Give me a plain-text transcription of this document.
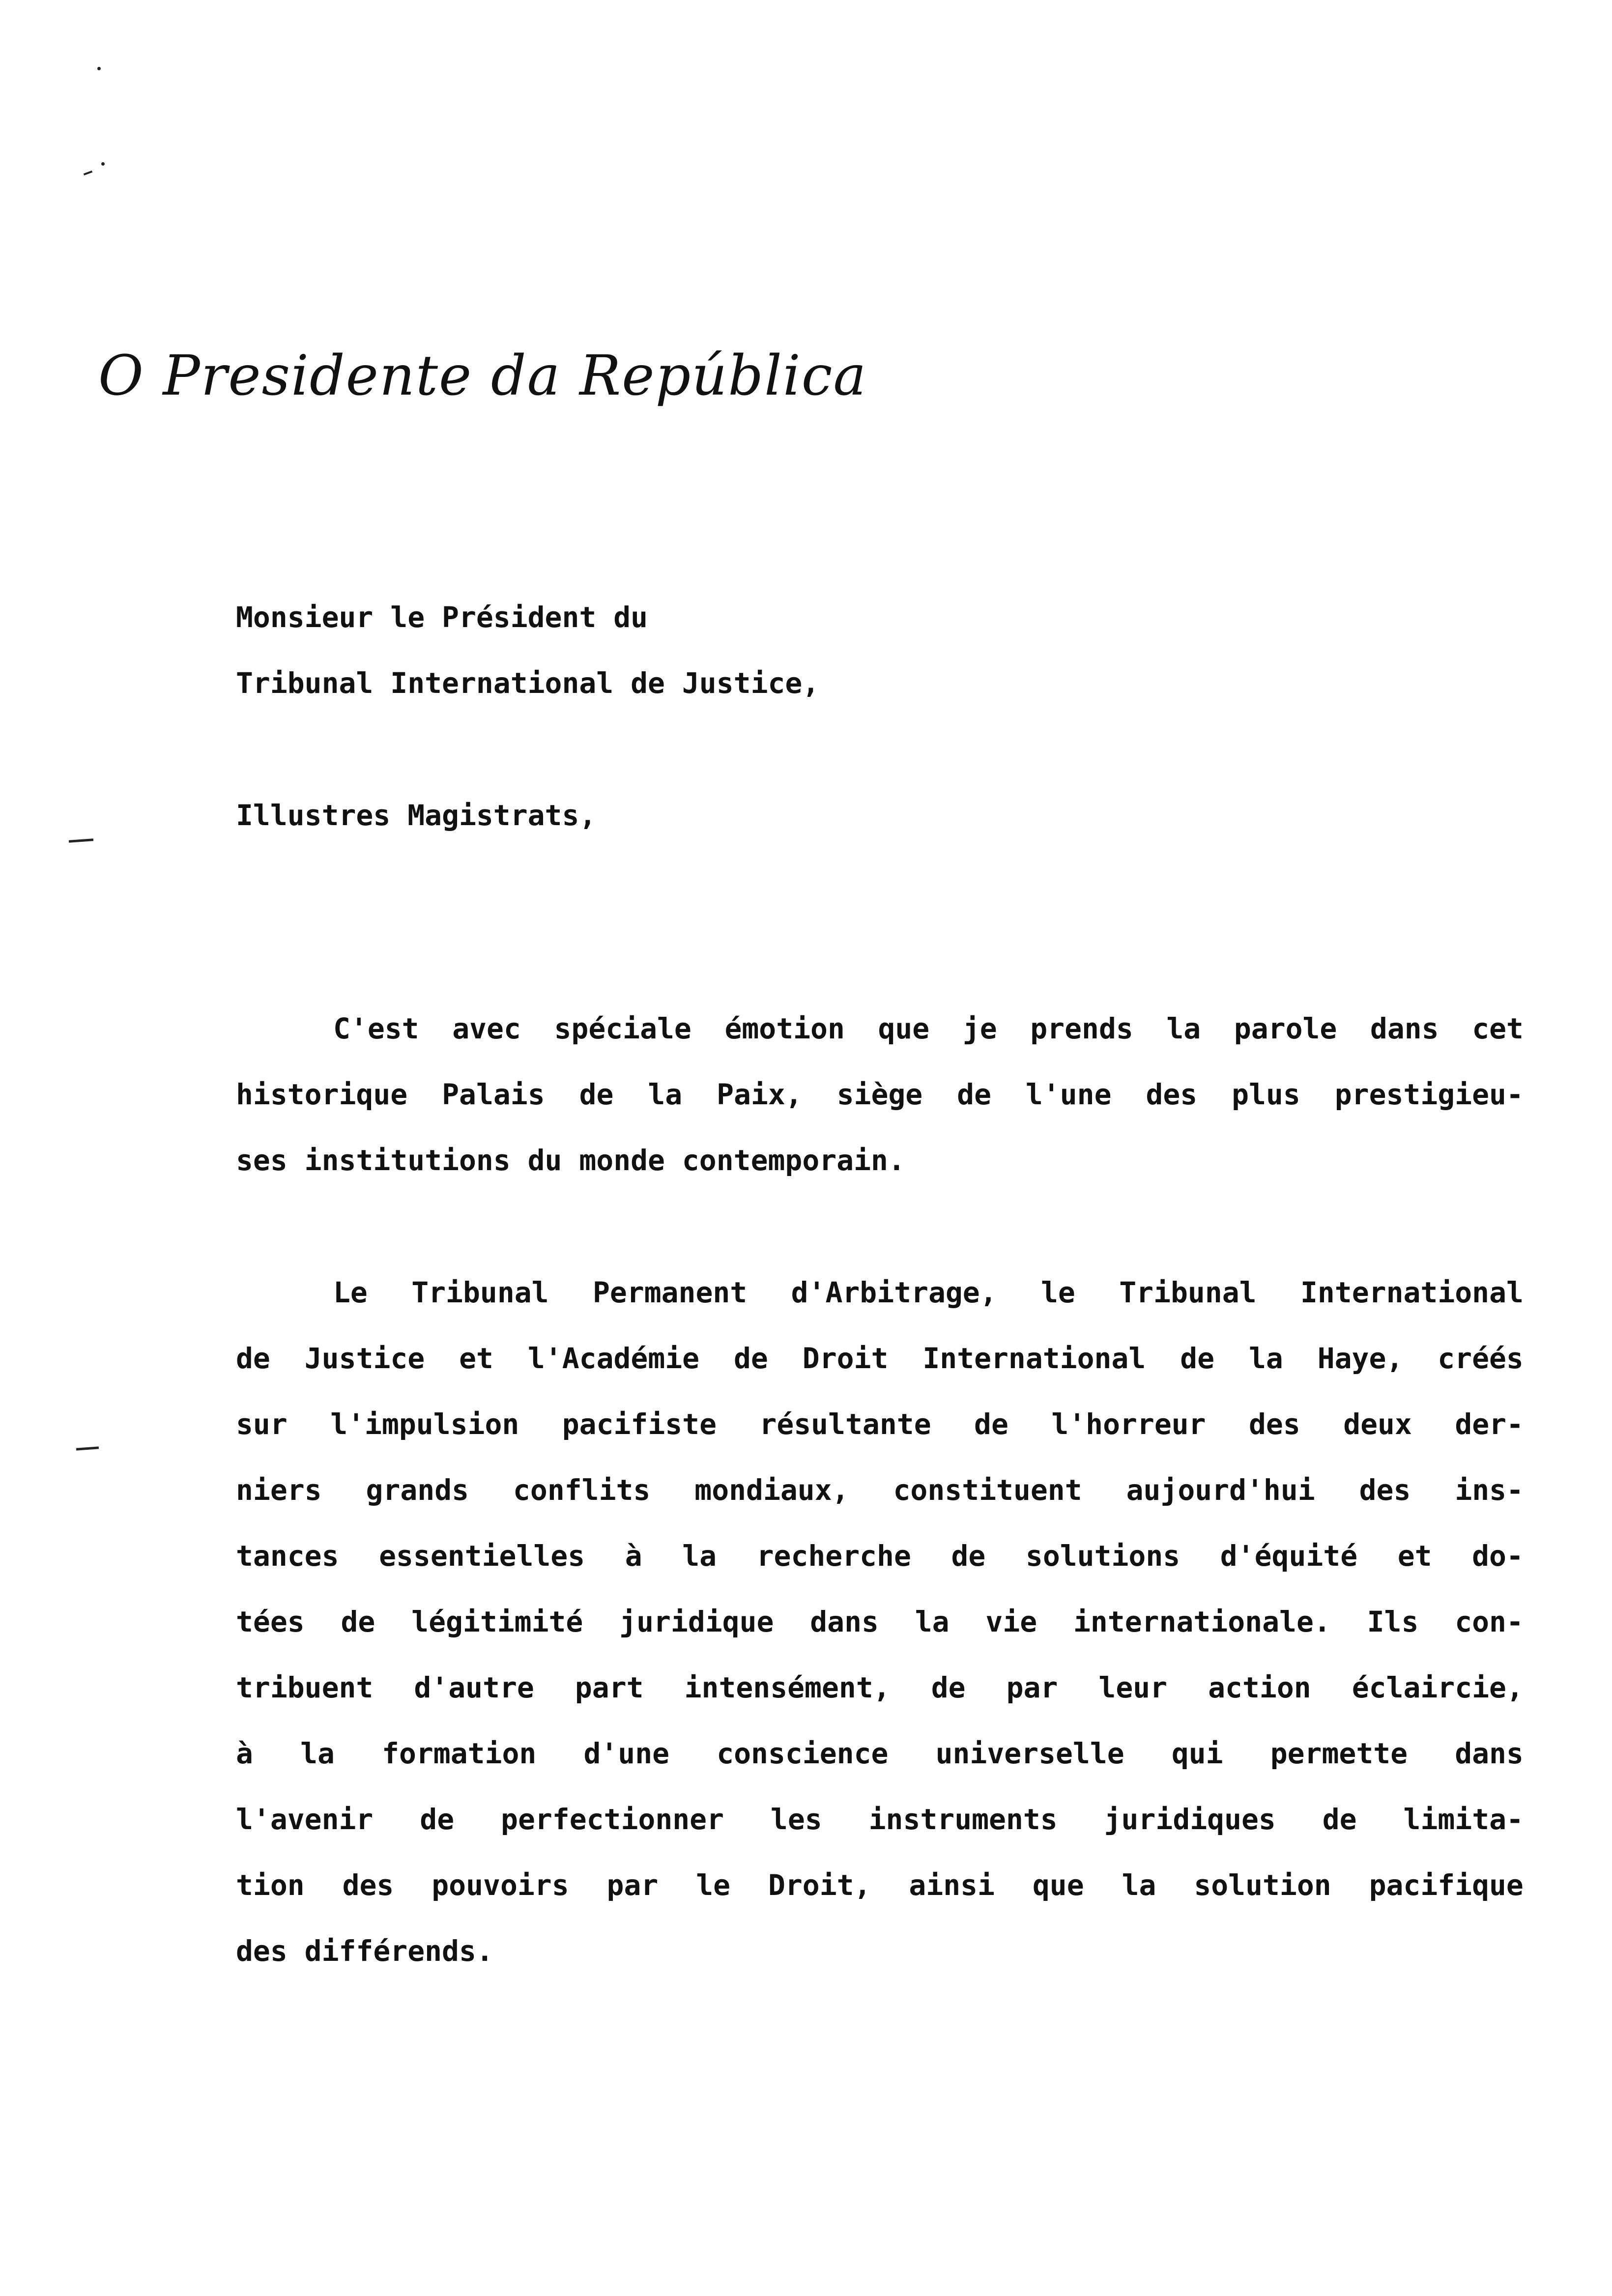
O Presidente da República
Monsieur le Président du
Tribunal International de Justice,
Illustres Magistrats,
C'est avec spéciale émotion que je prends la parole dans cet
historique Palais de la Paix, siège de l'une des plus prestigieu-
ses institutions du monde contemporain.
Le Tribunal Permanent d'Arbitrage, le Tribunal International
de Justice et l'Académie de Droit International de la Haye, créés
sur l'impulsion pacifiste résultante de l'horreur des deux der-
niers grands conflits mondiaux, constituent aujourd'hui des ins-
tances essentielles à la recherche de solutions d'équité et do-
tées de légitimité juridique dans la vie internationale. Ils con-
tribuent d'autre part intensément, de par leur action éclaircie,
à la formation d'une conscience universelle qui permette dans
l'avenir de perfectionner les instruments juridiques de limita-
tion des pouvoirs par le Droit, ainsi que la solution pacifique
des différends.
